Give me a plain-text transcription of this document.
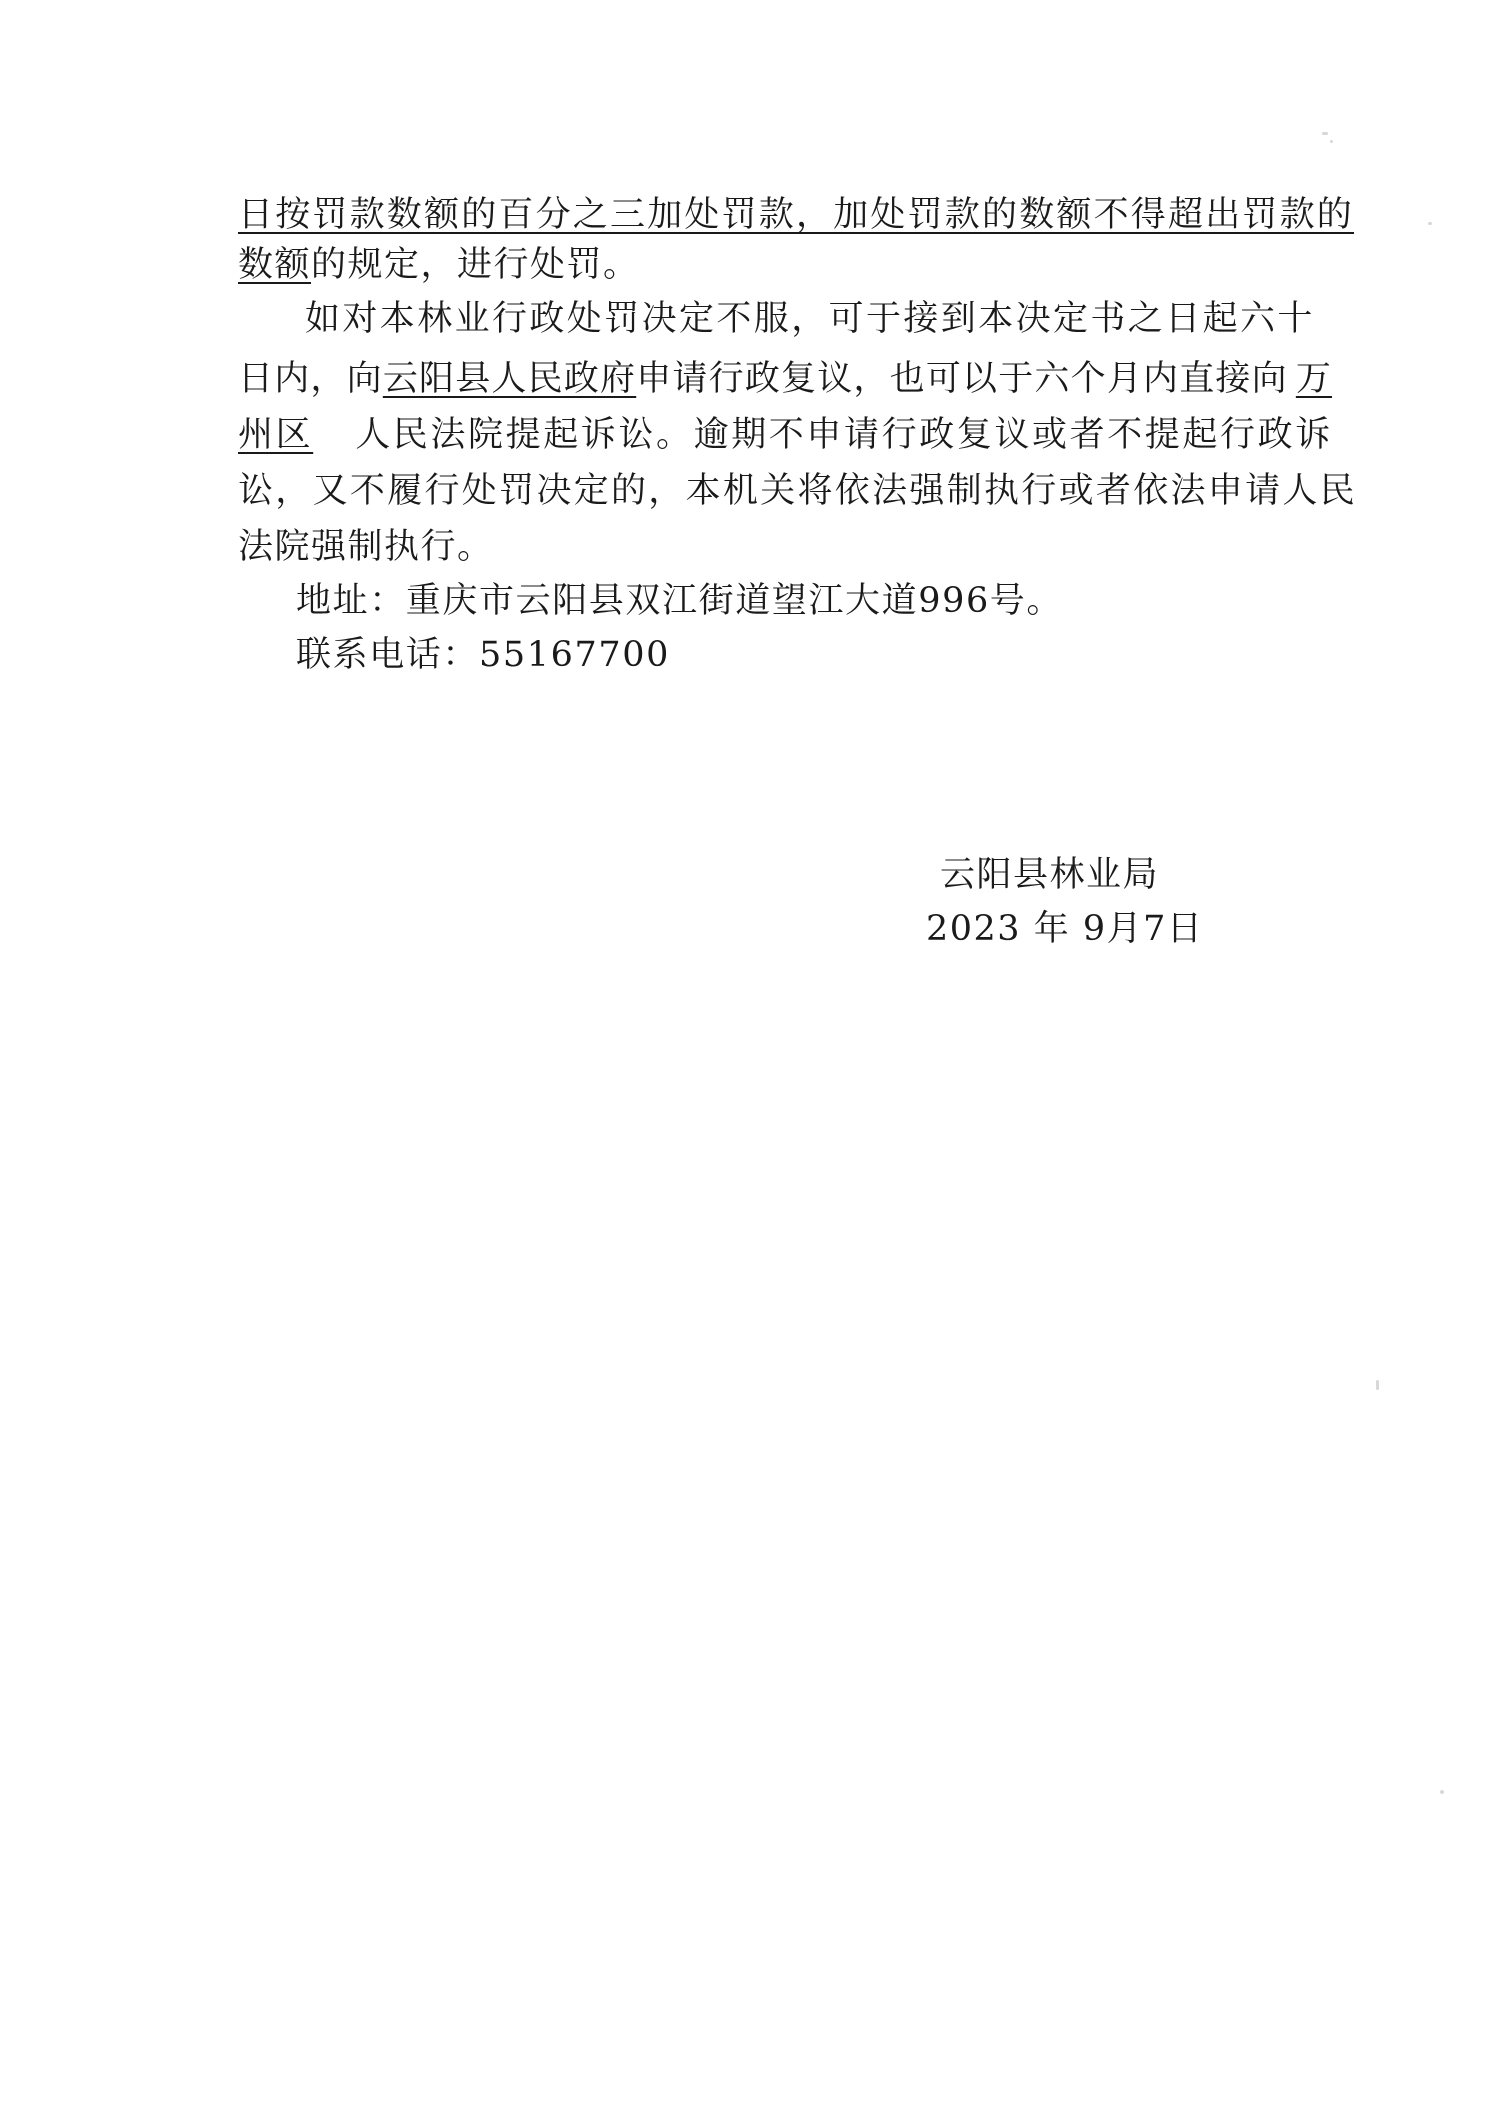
日按罚款数额的百分之三加处罚款，加处罚款的数额不得超出罚款的
数额的规定，进行处罚。
如对本林业行政处罚决定不服，可于接到本决定书之日起六十
日内，向云阳县人民政府申请行政复议，也可以于六个月内直接向 万
州区 人民法院提起诉讼。逾期不申请行政复议或者不提起行政诉
讼，又不履行处罚决定的，本机关将依法强制执行或者依法申请人民
法院强制执行。
地址：重庆市云阳县双江街道望江大道996号。
联系电话：55167700
云阳县林业局
2023 年 9月7日
